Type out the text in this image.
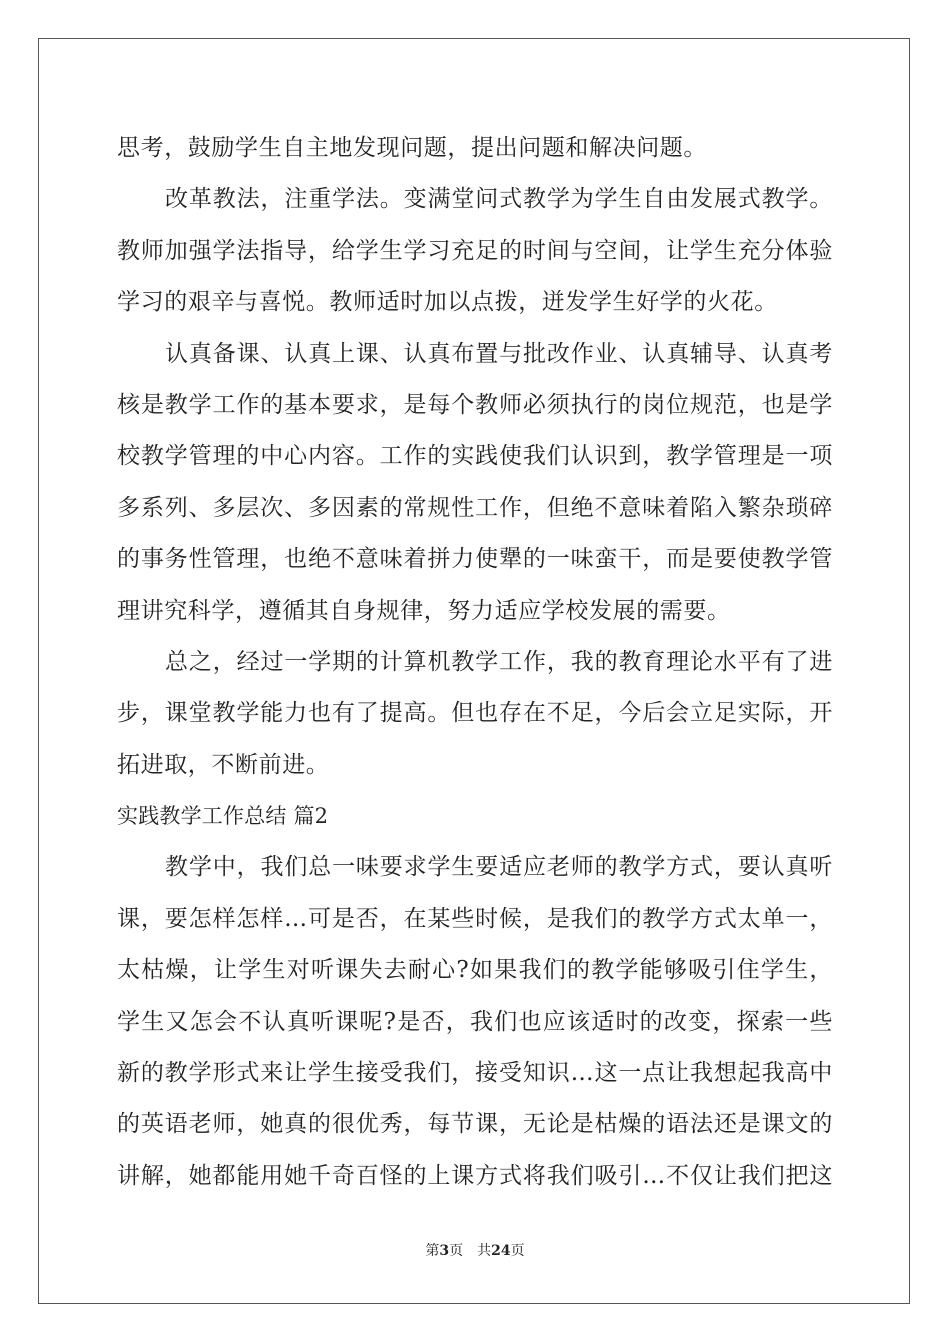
思考，鼓励学生自主地发现问题，提出问题和解决问题。
改革教法，注重学法。变满堂问式教学为学生自由发展式教学。
教师加强学法指导，给学生学习充足的时间与空间，让学生充分体验
学习的艰辛与喜悦。教师适时加以点拨，迸发学生好学的火花。
认真备课、认真上课、认真布置与批改作业、认真辅导、认真考
核是教学工作的基本要求，是每个教师必须执行的岗位规范，也是学
校教学管理的中心内容。工作的实践使我们认识到，教学管理是一项
多系列、多层次、多因素的常规性工作，但绝不意味着陷入繁杂琐碎
的事务性管理，也绝不意味着拼力使犟的一味蛮干，而是要使教学管
理讲究科学，遵循其自身规律，努力适应学校发展的需要。
总之，经过一学期的计算机教学工作，我的教育理论水平有了进
步，课堂教学能力也有了提高。但也存在不足，今后会立足实际，开
拓进取，不断前进。
实践教学工作总结 篇2
教学中，我们总一味要求学生要适应老师的教学方式，要认真听
课，要怎样怎样…可是否，在某些时候，是我们的教学方式太单一，
太枯燥，让学生对听课失去耐心?如果我们的教学能够吸引住学生，
学生又怎会不认真听课呢?是否，我们也应该适时的改变，探索一些
新的教学形式来让学生接受我们，接受知识…这一点让我想起我高中
的英语老师，她真的很优秀，每节课，无论是枯燥的语法还是课文的
讲解，她都能用她千奇百怪的上课方式将我们吸引…不仅让我们把这
第3页 共24页
